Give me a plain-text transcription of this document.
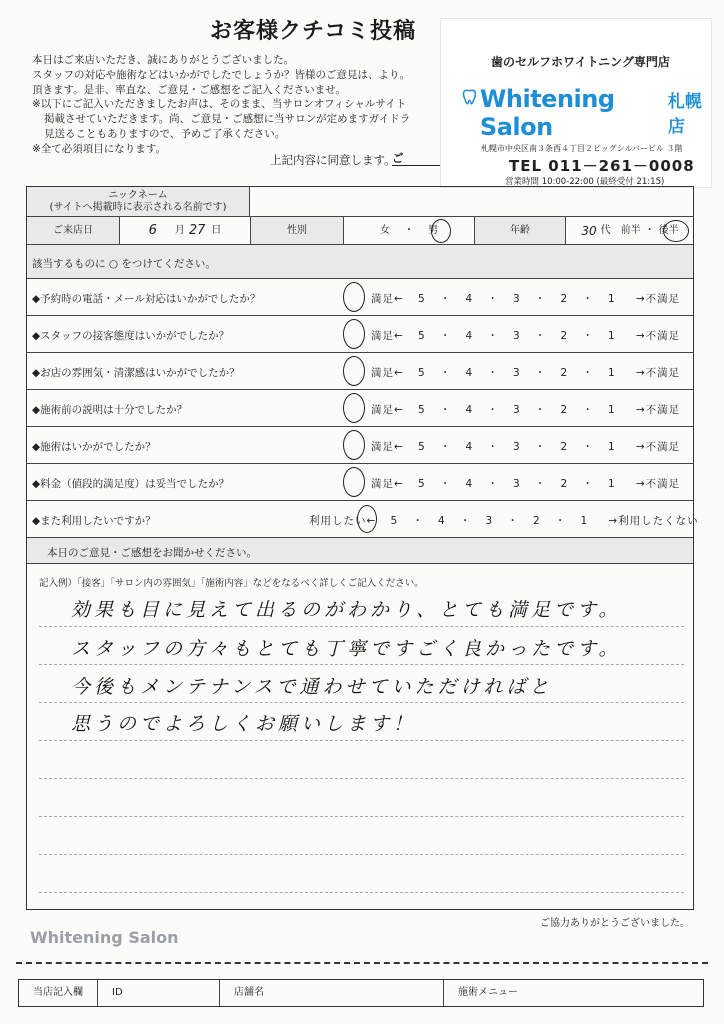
お客様クチコミ投稿
本日はご来店いただき、誠にありがとうございました。
スタッフの対応や施術などはいかがでしたでしょうか？皆様のご意見は、より。
頂きます。是非、率直な、ご意見・ご感想をご記入くださいませ。
※以下にご記入いただきましたお声は、そのまま、当サロンオフィシャルサイト
掲載させていただきます。尚、ご意見・ご感想に当サロンが定めますガイドラ
見送ることもありますので、予めご了承ください。
※全て必須項目になります。
上記内容に同意します。
ご
歯のセルフホワイトニング専門店
Whitening Salon
札幌店
札幌市中央区南３条西４丁目２ビッグシルバービル ３階
TEL 011－261－0008
営業時間 10:00-22:00 (最終受付 21:15)
ニックネーム
(サイトへ掲載時に表示される名前です)
ご来店日	6 月 27 日	性別	女 ・ 男	年齢	30 代 前半 ・ 後半
該当するものに ○ をつけてください。
◆予約時の電話・メール対応はいかがでしたか？	満足← 5 ・ 4 ・ 3 ・ 2 ・ 1 →不満足
◆スタッフの接客態度はいかがでしたか？	満足← 5 ・ 4 ・ 3 ・ 2 ・ 1 →不満足
◆お店の雰囲気・清潔感はいかがでしたか？	満足← 5 ・ 4 ・ 3 ・ 2 ・ 1 →不満足
◆施術前の説明は十分でしたか？	満足← 5 ・ 4 ・ 3 ・ 2 ・ 1 →不満足
◆施術はいかがでしたか？	満足← 5 ・ 4 ・ 3 ・ 2 ・ 1 →不満足
◆料金（値段的満足度）は妥当でしたか？	満足← 5 ・ 4 ・ 3 ・ 2 ・ 1 →不満足
◆また利用したいですか？	利用したい← 5 ・ 4 ・ 3 ・ 2 ・ 1 →利用したくない
本日のご意見・ご感想をお聞かせください。
記入例）「接客」「サロン内の雰囲気」「施術内容」などをなるべく詳しくご記入ください。
効果も目に見えて出るのがわかり、とても満足です。
スタッフの方々もとても丁寧ですごく良かったです。
今後もメンテナンスで通わせていただければと
思うのでよろしくお願いします！
ご協力ありがとうございました。
Whitening Salon
当店記入欄	ID	店舗名	施術メニュー
